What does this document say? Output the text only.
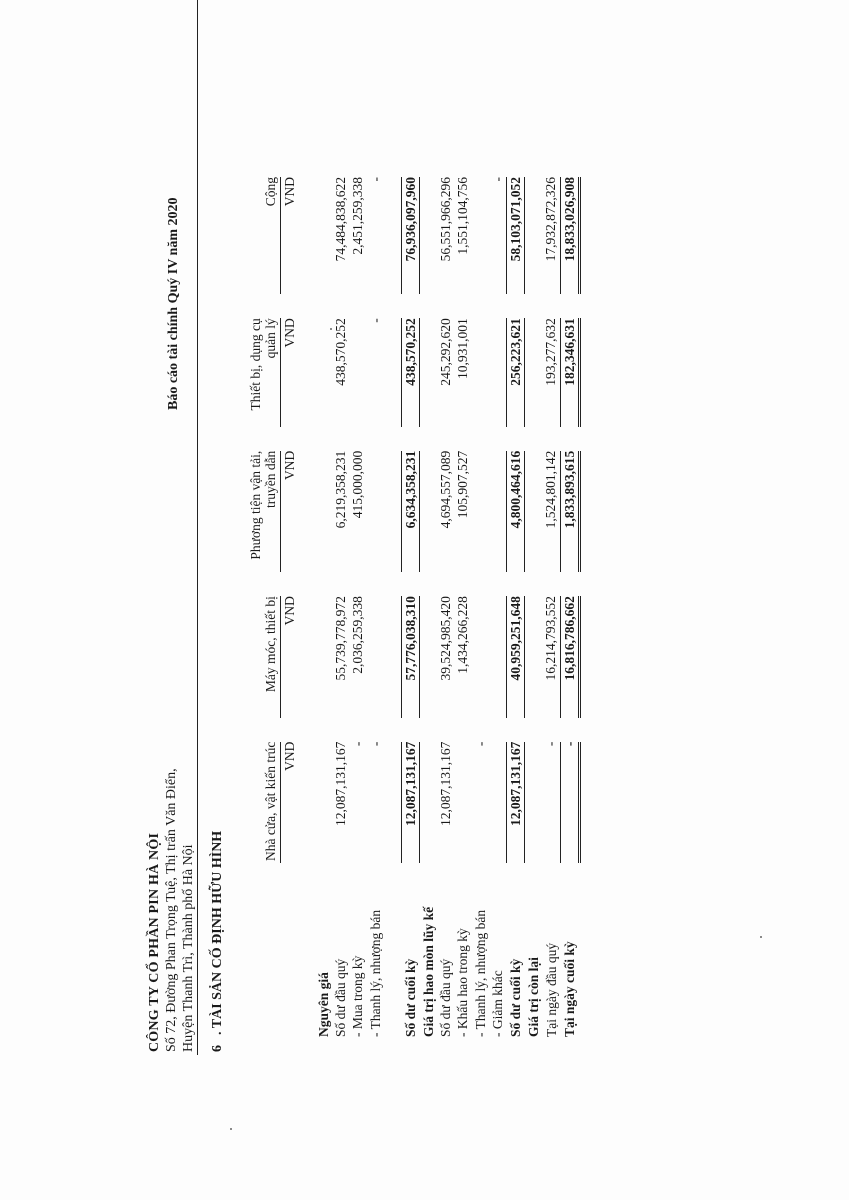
CÔNG TY CỔ PHẦN PIN HÀ NỘI Số 72, Đường Phan Trọng Tuệ, Thị trấn Văn Điển, Huyện Thanh Trì, Thành phố Hà Nội
Báo cáo tài chính Quý IV năm 2020
6. TÀI SẢN CỐ ĐỊNH HỮU HÌNH
	Nhà cửa, vật kiến trúc		Máy móc, thiết bị		Phương tiện vận tải, truyền dẫn		Thiết bị, dụng cụ quản lý		Cộng
	VND		VND		VND		VND		VND

Nguyên giá									
Số dư đầu quý	12,087,131,167		55,739,778,972		6,219,358,231		438,570,252		74,484,838,622
- Mua trong kỳ	-		2,036,259,338		415,000,000				2,451,259,338
- Thanh lý, nhượng bán	-						-		-

Số dư cuối kỳ	12,087,131,167		57,776,038,310		6,634,358,231		438,570,252		76,936,097,960
Giá trị hao mòn lũy kế									
Số dư đầu quý	12,087,131,167		39,524,985,420		4,694,557,089		245,292,620		56,551,966,296
- Khấu hao trong kỳ			1,434,266,228		105,907,527		10,931,001		1,551,104,756
- Thanh lý, nhượng bán	-								
- Giảm khác									-
Số dư cuối kỳ	12,087,131,167		40,959,251,648		4,800,464,616		256,223,621		58,103,071,052
Giá trị còn lại									
Tại ngày đầu quý	-		16,214,793,552		1,524,801,142		193,277,632		17,932,872,326
Tại ngày cuối kỳ	-		16,816,786,662		1,833,893,615		182,346,631		18,833,026,908
